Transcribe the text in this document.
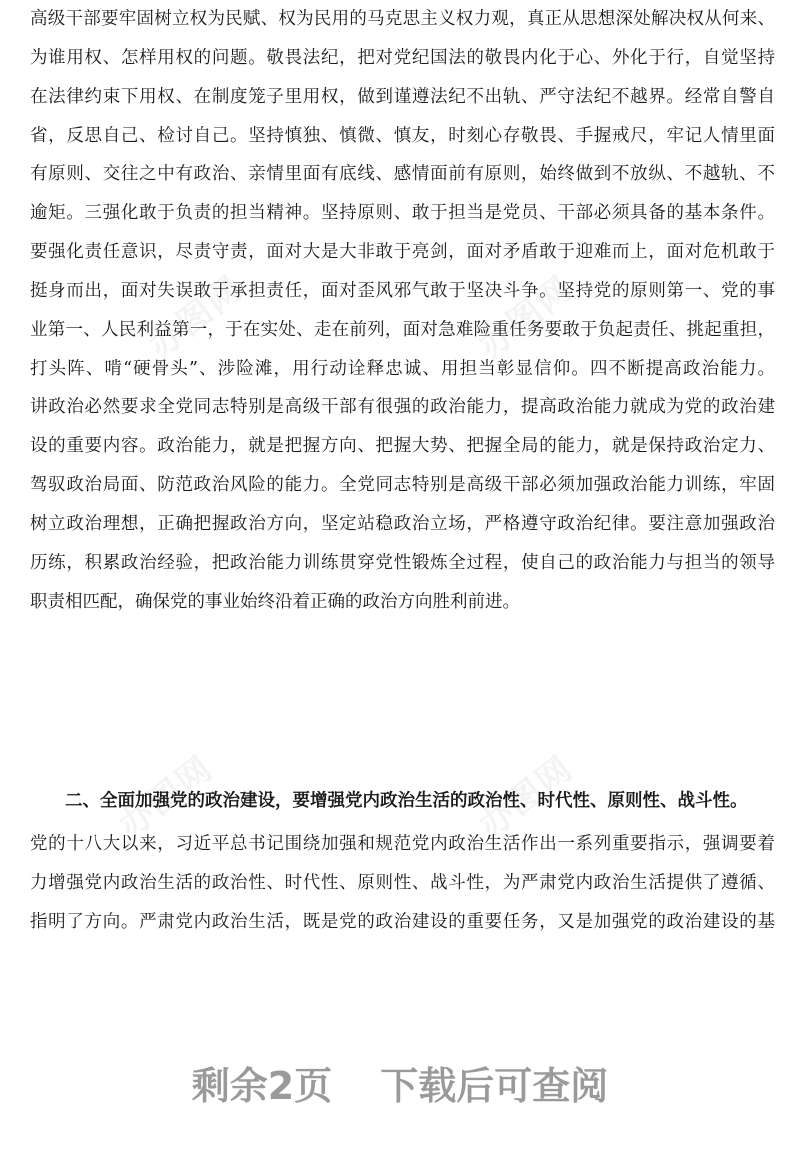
办图网	办图网
办图网	办图网
高级干部要牢固树立权为民赋、权为民用的马克思主义权力观，真正从思想深处解决权从何来、
为谁用权、怎样用权的问题。敬畏法纪，把对党纪国法的敬畏内化于心、外化于行，自觉坚持
在法律约束下用权、在制度笼子里用权，做到谨遵法纪不出轨、严守法纪不越界。经常自警自
省，反思自己、检讨自己。坚持慎独、慎微、慎友，时刻心存敬畏、手握戒尺，牢记人情里面
有原则、交往之中有政治、亲情里面有底线、感情面前有原则，始终做到不放纵、不越轨、不
逾矩。三强化敢于负责的担当精神。坚持原则、敢于担当是党员、干部必须具备的基本条件。
要强化责任意识，尽责守责，面对大是大非敢于亮剑，面对矛盾敢于迎难而上，面对危机敢于
挺身而出，面对失误敢于承担责任，面对歪风邪气敢于坚决斗争。坚持党的原则第一、党的事
业第一、人民利益第一，于在实处、走在前列，面对急难险重任务要敢于负起责任、挑起重担，
打头阵、啃“硬骨头”、涉险滩，用行动诠释忠诚、用担当彰显信仰。四不断提高政治能力。
讲政治必然要求全党同志特别是高级干部有很强的政治能力，提高政治能力就成为党的政治建
设的重要内容。政治能力，就是把握方向、把握大势、把握全局的能力，就是保持政治定力、
驾驭政治局面、防范政治风险的能力。全党同志特别是高级干部必须加强政治能力训练，牢固
树立政治理想，正确把握政治方向，坚定站稳政治立场，严格遵守政治纪律。要注意加强政治
历练，积累政治经验，把政治能力训练贯穿党性锻炼全过程，使自己的政治能力与担当的领导
职责相匹配，确保党的事业始终沿着正确的政治方向胜利前进。
二、全面加强党的政治建设，要增强党内政治生活的政治性、时代性、原则性、战斗性。
党的十八大以来，习近平总书记围绕加强和规范党内政治生活作出一系列重要指示，强调要着
力增强党内政治生活的政治性、时代性、原则性、战斗性，为严肃党内政治生活提供了遵循、
指明了方向。严肃党内政治生活，既是党的政治建设的重要任务，又是加强党的政治建设的基
剩余2页 下载后可查阅
